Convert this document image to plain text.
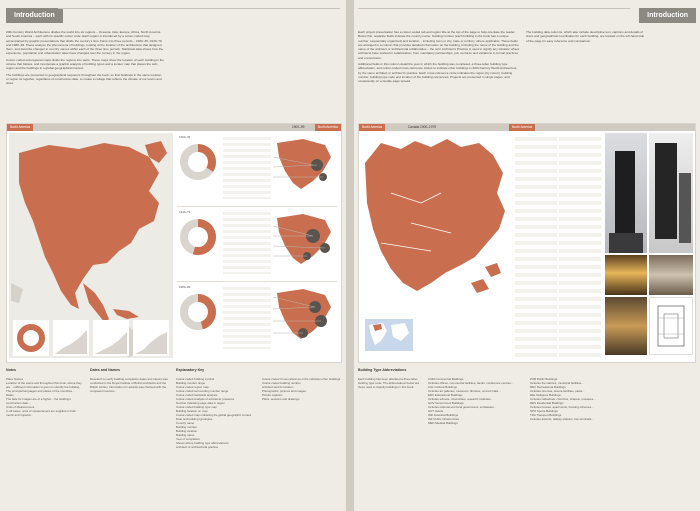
Introduction

20th-Century World Architecture divides the world into six regions – Oceania, Asia, Europe, Africa, North America and South America – each with its specific colour code. Each region is introduced by a colour-coded map accompanied by graphic presentations that divide the century's time frame into three periods – 1900–39, 1940–79 and 1980–99. These analyse the phenomena of buildings, looking at the location of the architecture that designed them, and describe changes in country names within each of the three time periods. Statistical data shows how the experience, population and urbanization rates have changed over the century in the region.

Colour-coded sub-regional maps divide the regions into parts. These maps show the location of each building in the volume that follows, and incorporate a graphic analysis of building types and a locator map that places the sub-region and the buildings in a global geographical context.

The buildings are presented in geographical sequence throughout the book, so that buildings in the same location or region sit together, regardless of construction date, to create a collage that reflects the climate of our towns and cities.

North America	1900–99	North America
1900–39
1940–79
1980–99
Notes
Place Names
Location of the towns and throughout this book, where they are... sufficient information is given to identify the building. The principal languages and places of the countries...
Dates
The date for images are of a higher... the building's construction date...
Units of Measurement
In all cases, units of measurement are supplied in both metric and imperial...
Dates and Names
Research to verify building completion dates and names was conducted in the Royal Institute of British Architects and the British Library. Information for awards was checked with the competent sources...
Explanatory Key
Colour-coded building symbol
Building number range
Colour-coded region map
Colour-coded surrounding number range
Colour-coded statistical analysis
Colour-coded analysis of architects' presence
Number indicating page data in region
Colour-coded building type map
Building location on map
Colour-coded map indicating the global geographic context
Date and building typologies
Country name
Building number
Building location
Building name
Year of completion
Shows where building type abbreviations
Architect or architectural practice
Colour-coded Cross-reference circle indicates other buildings
Colour-coded building number
Architect and its location
Photographs, pictures and images
Picture captions
Plans, sections and drawings
Introduction

Each project presentation has a colour-coded tab and region title at the top of the page to help orientate the reader. Below this, separate fields indicate the country name, building number (each building in the book has a unique number, sequentially organized) and location – including town or city, state or territory, where applicable. These fields are arranged in a column that provides detailed information on the building, including the name of the building and the name of the architect or architectural collaborative – the term Architect's Practice is used to signify any situation where architects have worked in collaboration, from mandatory partnerships, join ventures and variations to formal practices and consortiums.

Additional fields in this column detail the year in which the building was completed, a three-letter building type abbreviation, and colour-coded cross-reference circles to indicate other buildings in 20th-Century World Architecture by the same architect or architect's practice. Each cross-reference circle indicates the region (by colour), building number, building type code and location of the building referenced. Projects are presented in single pages, and occasionally on a double-page spread.

The building data columns, which also include descriptive text, captions and details of client and geographical coordinates for each building, are located on the left-hand side of the page for easy reference and comparison.

North America	Canada 1900–1979	North America
Building Type Abbreviations
Each building has been allocated a three-letter building type code. The abbreviations below are those used to classify buildings in this book.
COM Commercial Buildings
Includes offices, commercial facilities, banks, conference centres...
CUL Cultural Buildings
Includes art galleries, museums, libraries, concert halls...
EDU Educational Buildings
Includes schools, universities, research institutes...
GOV Government Buildings
Includes national and local government, embassies...
HOT Hotels
IND Industrial Buildings
INF Public Infrastructure
MED Medical Buildings
PUB Public Buildings
Includes fire stations, municipal facilities...
REC Recreational Buildings
Includes cinemas, leisure facilities, parks...
REL Religious Buildings
Includes cathedrals, churches, chapels, mosques...
RES Residential Buildings
Includes houses, apartments, housing schemes...
SPO Sports Buildings
TRA Transport Buildings
Includes airports, railway stations, bus terminals...
